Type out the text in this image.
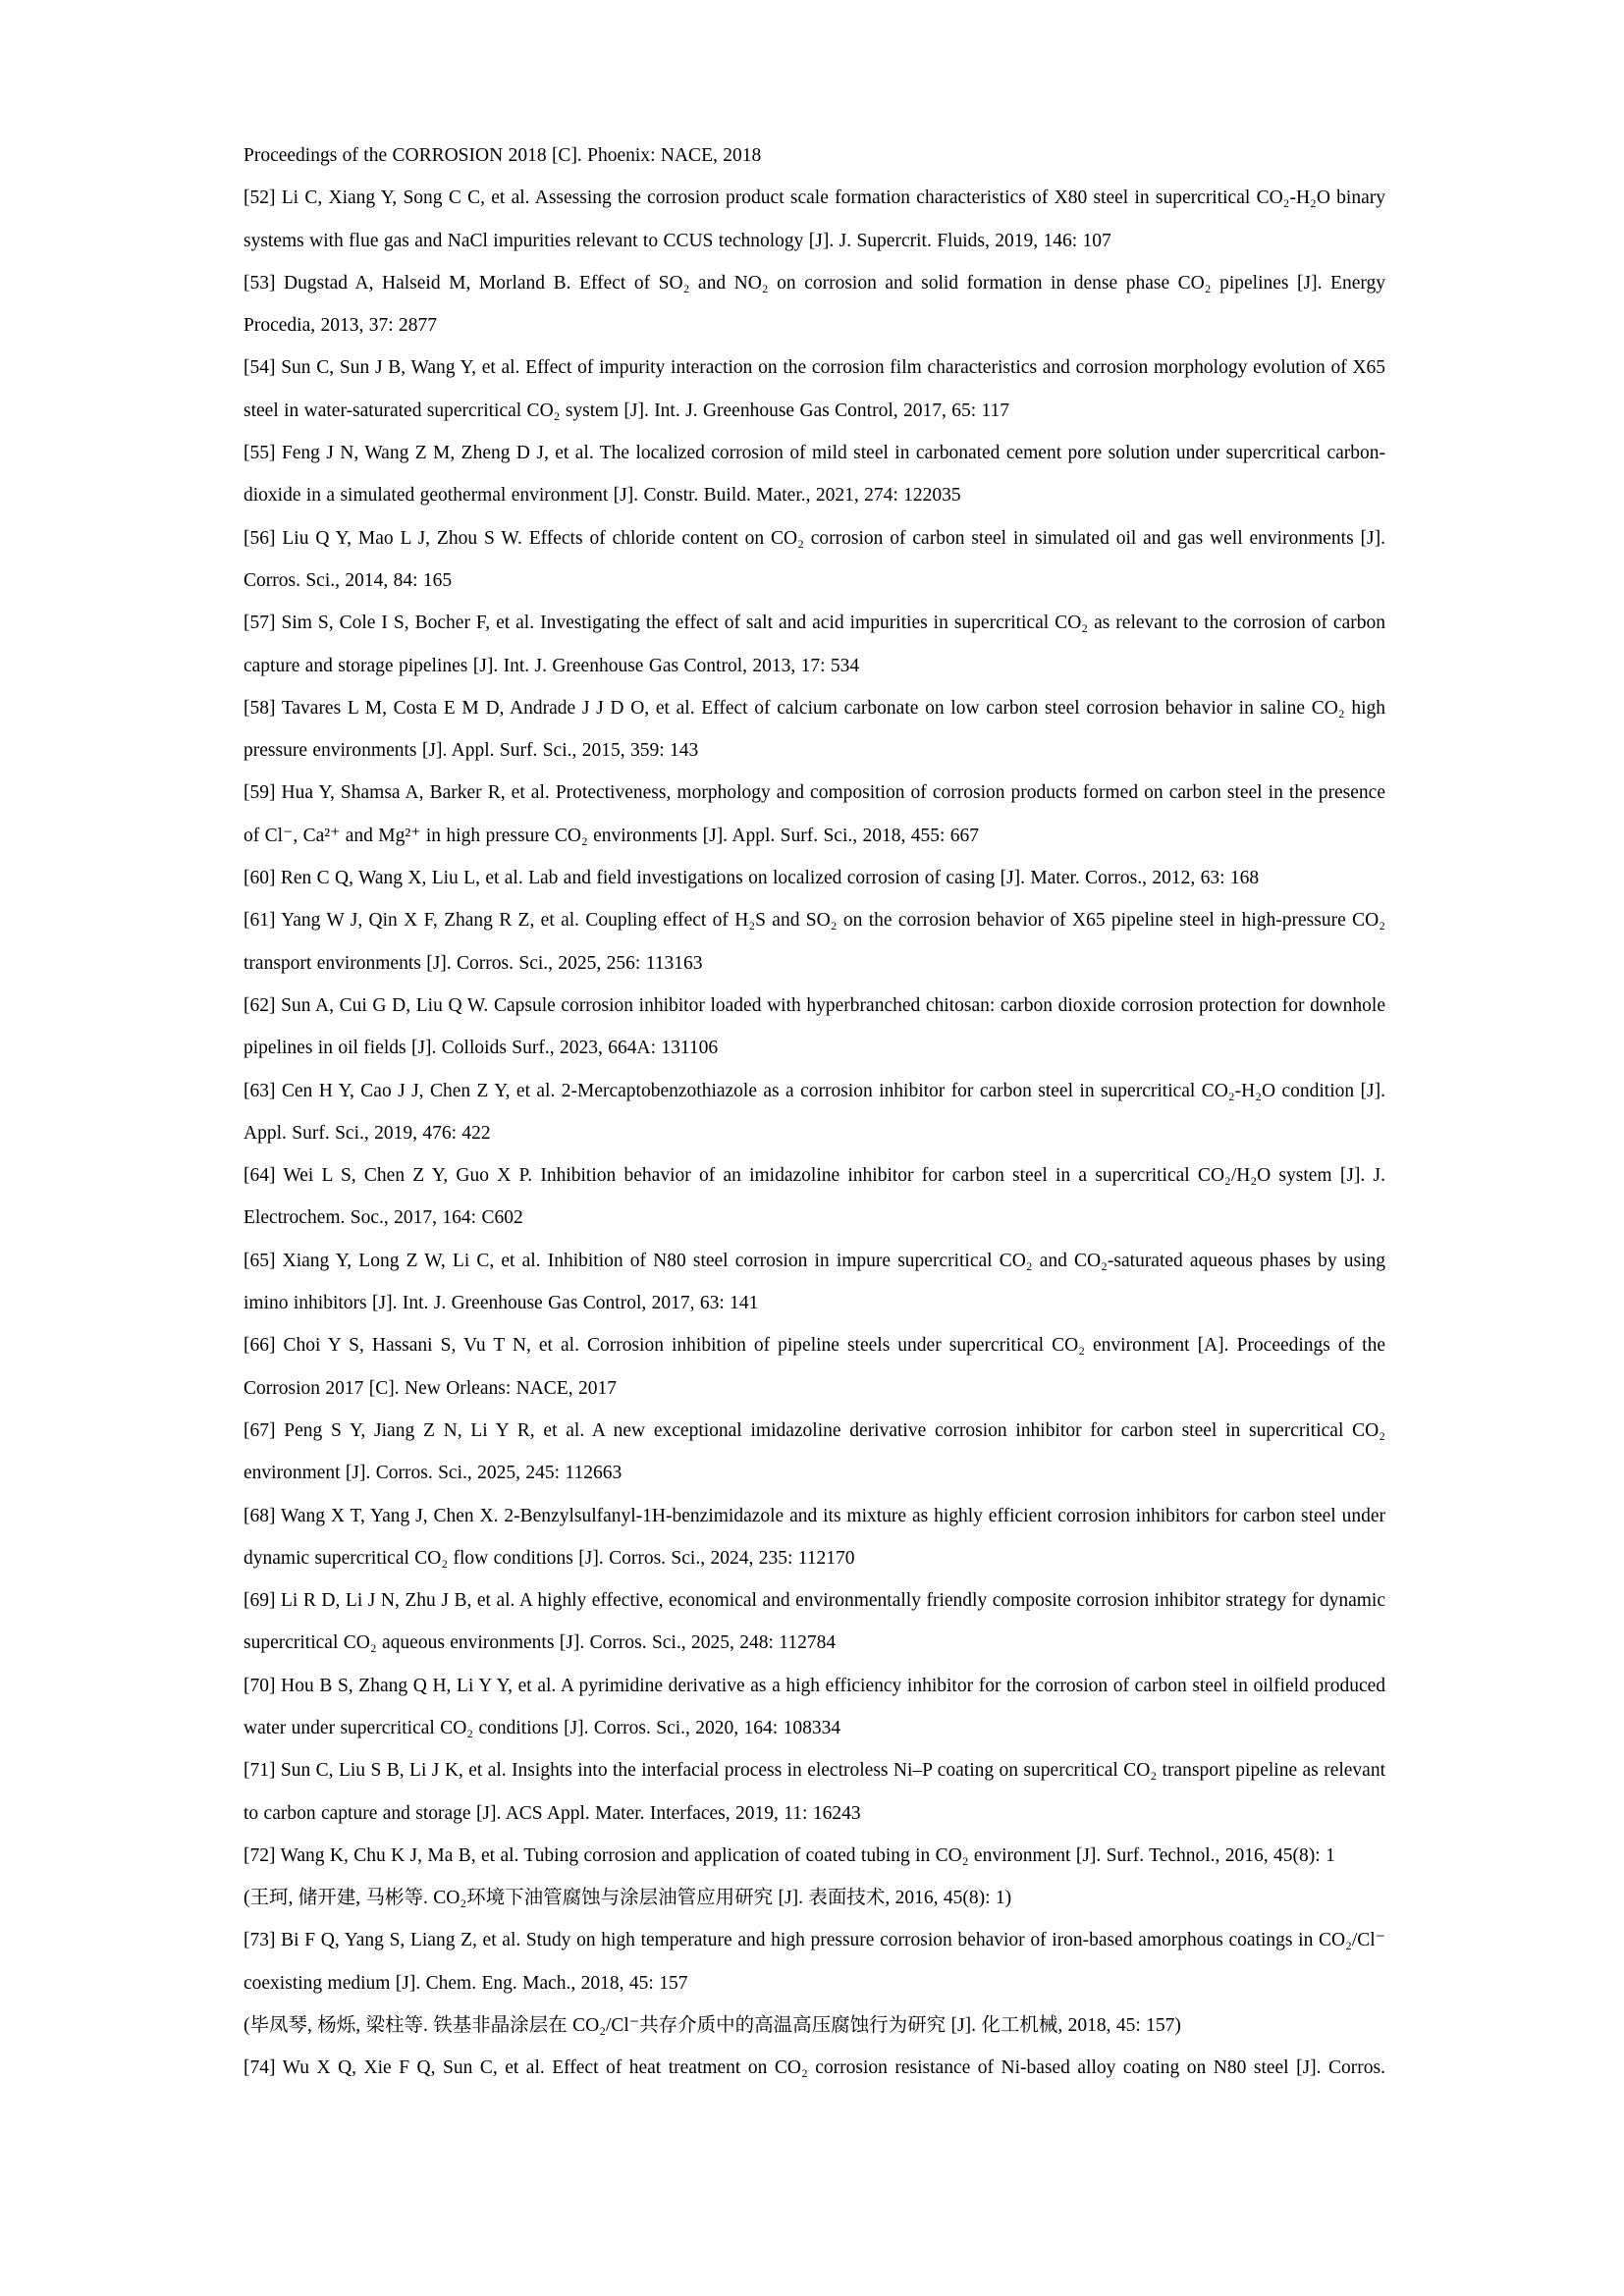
Proceedings of the CORROSION 2018 [C]. Phoenix: NACE, 2018

[52] Li C, Xiang Y, Song C C, et al. Assessing the corrosion product scale formation characteristics of X80 steel in supercritical CO₂-H₂O binary systems with flue gas and NaCl impurities relevant to CCUS technology [J]. J. Supercrit. Fluids, 2019, 146: 107

[53] Dugstad A, Halseid M, Morland B. Effect of SO₂ and NO₂ on corrosion and solid formation in dense phase CO₂ pipelines [J]. Energy Procedia, 2013, 37: 2877

[54] Sun C, Sun J B, Wang Y, et al. Effect of impurity interaction on the corrosion film characteristics and corrosion morphology evolution of X65 steel in water-saturated supercritical CO₂ system [J]. Int. J. Greenhouse Gas Control, 2017, 65: 117

[55] Feng J N, Wang Z M, Zheng D J, et al. The localized corrosion of mild steel in carbonated cement pore solution under supercritical carbon-dioxide in a simulated geothermal environment [J]. Constr. Build. Mater., 2021, 274: 122035

[56] Liu Q Y, Mao L J, Zhou S W. Effects of chloride content on CO₂ corrosion of carbon steel in simulated oil and gas well environments [J]. Corros. Sci., 2014, 84: 165

[57] Sim S, Cole I S, Bocher F, et al. Investigating the effect of salt and acid impurities in supercritical CO₂ as relevant to the corrosion of carbon capture and storage pipelines [J]. Int. J. Greenhouse Gas Control, 2013, 17: 534

[58] Tavares L M, Costa E M D, Andrade J J D O, et al. Effect of calcium carbonate on low carbon steel corrosion behavior in saline CO₂ high pressure environments [J]. Appl. Surf. Sci., 2015, 359: 143

[59] Hua Y, Shamsa A, Barker R, et al. Protectiveness, morphology and composition of corrosion products formed on carbon steel in the presence of Cl⁻, Ca²⁺ and Mg²⁺ in high pressure CO₂ environments [J]. Appl. Surf. Sci., 2018, 455: 667

[60] Ren C Q, Wang X, Liu L, et al. Lab and field investigations on localized corrosion of casing [J]. Mater. Corros., 2012, 63: 168

[61] Yang W J, Qin X F, Zhang R Z, et al. Coupling effect of H₂S and SO₂ on the corrosion behavior of X65 pipeline steel in high-pressure CO₂ transport environments [J]. Corros. Sci., 2025, 256: 113163

[62] Sun A, Cui G D, Liu Q W. Capsule corrosion inhibitor loaded with hyperbranched chitosan: carbon dioxide corrosion protection for downhole pipelines in oil fields [J]. Colloids Surf., 2023, 664A: 131106

[63] Cen H Y, Cao J J, Chen Z Y, et al. 2-Mercaptobenzothiazole as a corrosion inhibitor for carbon steel in supercritical CO₂-H₂O condition [J]. Appl. Surf. Sci., 2019, 476: 422

[64] Wei L S, Chen Z Y, Guo X P. Inhibition behavior of an imidazoline inhibitor for carbon steel in a supercritical CO₂/H₂O system [J]. J. Electrochem. Soc., 2017, 164: C602

[65] Xiang Y, Long Z W, Li C, et al. Inhibition of N80 steel corrosion in impure supercritical CO₂ and CO₂-saturated aqueous phases by using imino inhibitors [J]. Int. J. Greenhouse Gas Control, 2017, 63: 141

[66] Choi Y S, Hassani S, Vu T N, et al. Corrosion inhibition of pipeline steels under supercritical CO₂ environment [A]. Proceedings of the Corrosion 2017 [C]. New Orleans: NACE, 2017

[67] Peng S Y, Jiang Z N, Li Y R, et al. A new exceptional imidazoline derivative corrosion inhibitor for carbon steel in supercritical CO₂ environment [J]. Corros. Sci., 2025, 245: 112663

[68] Wang X T, Yang J, Chen X. 2-Benzylsulfanyl-1H-benzimidazole and its mixture as highly efficient corrosion inhibitors for carbon steel under dynamic supercritical CO₂ flow conditions [J]. Corros. Sci., 2024, 235: 112170

[69] Li R D, Li J N, Zhu J B, et al. A highly effective, economical and environmentally friendly composite corrosion inhibitor strategy for dynamic supercritical CO₂ aqueous environments [J]. Corros. Sci., 2025, 248: 112784

[70] Hou B S, Zhang Q H, Li Y Y, et al. A pyrimidine derivative as a high efficiency inhibitor for the corrosion of carbon steel in oilfield produced water under supercritical CO₂ conditions [J]. Corros. Sci., 2020, 164: 108334

[71] Sun C, Liu S B, Li J K, et al. Insights into the interfacial process in electroless Ni–P coating on supercritical CO₂ transport pipeline as relevant to carbon capture and storage [J]. ACS Appl. Mater. Interfaces, 2019, 11: 16243

[72] Wang K, Chu K J, Ma B, et al. Tubing corrosion and application of coated tubing in CO₂ environment [J]. Surf. Technol., 2016, 45(8): 1

(王珂, 储开建, 马彬等. CO₂环境下油管腐蚀与涂层油管应用研究 [J]. 表面技术, 2016, 45(8): 1)

[73] Bi F Q, Yang S, Liang Z, et al. Study on high temperature and high pressure corrosion behavior of iron-based amorphous coatings in CO₂/Cl⁻ coexisting medium [J]. Chem. Eng. Mach., 2018, 45: 157

(毕凤琴, 杨烁, 梁柱等. 铁基非晶涂层在 CO₂/Cl⁻共存介质中的高温高压腐蚀行为研究 [J]. 化工机械, 2018, 45: 157)

[74] Wu X Q, Xie F Q, Sun C, et al. Effect of heat treatment on CO₂ corrosion resistance of Ni-based alloy coating on N80 steel [J]. Corros.
